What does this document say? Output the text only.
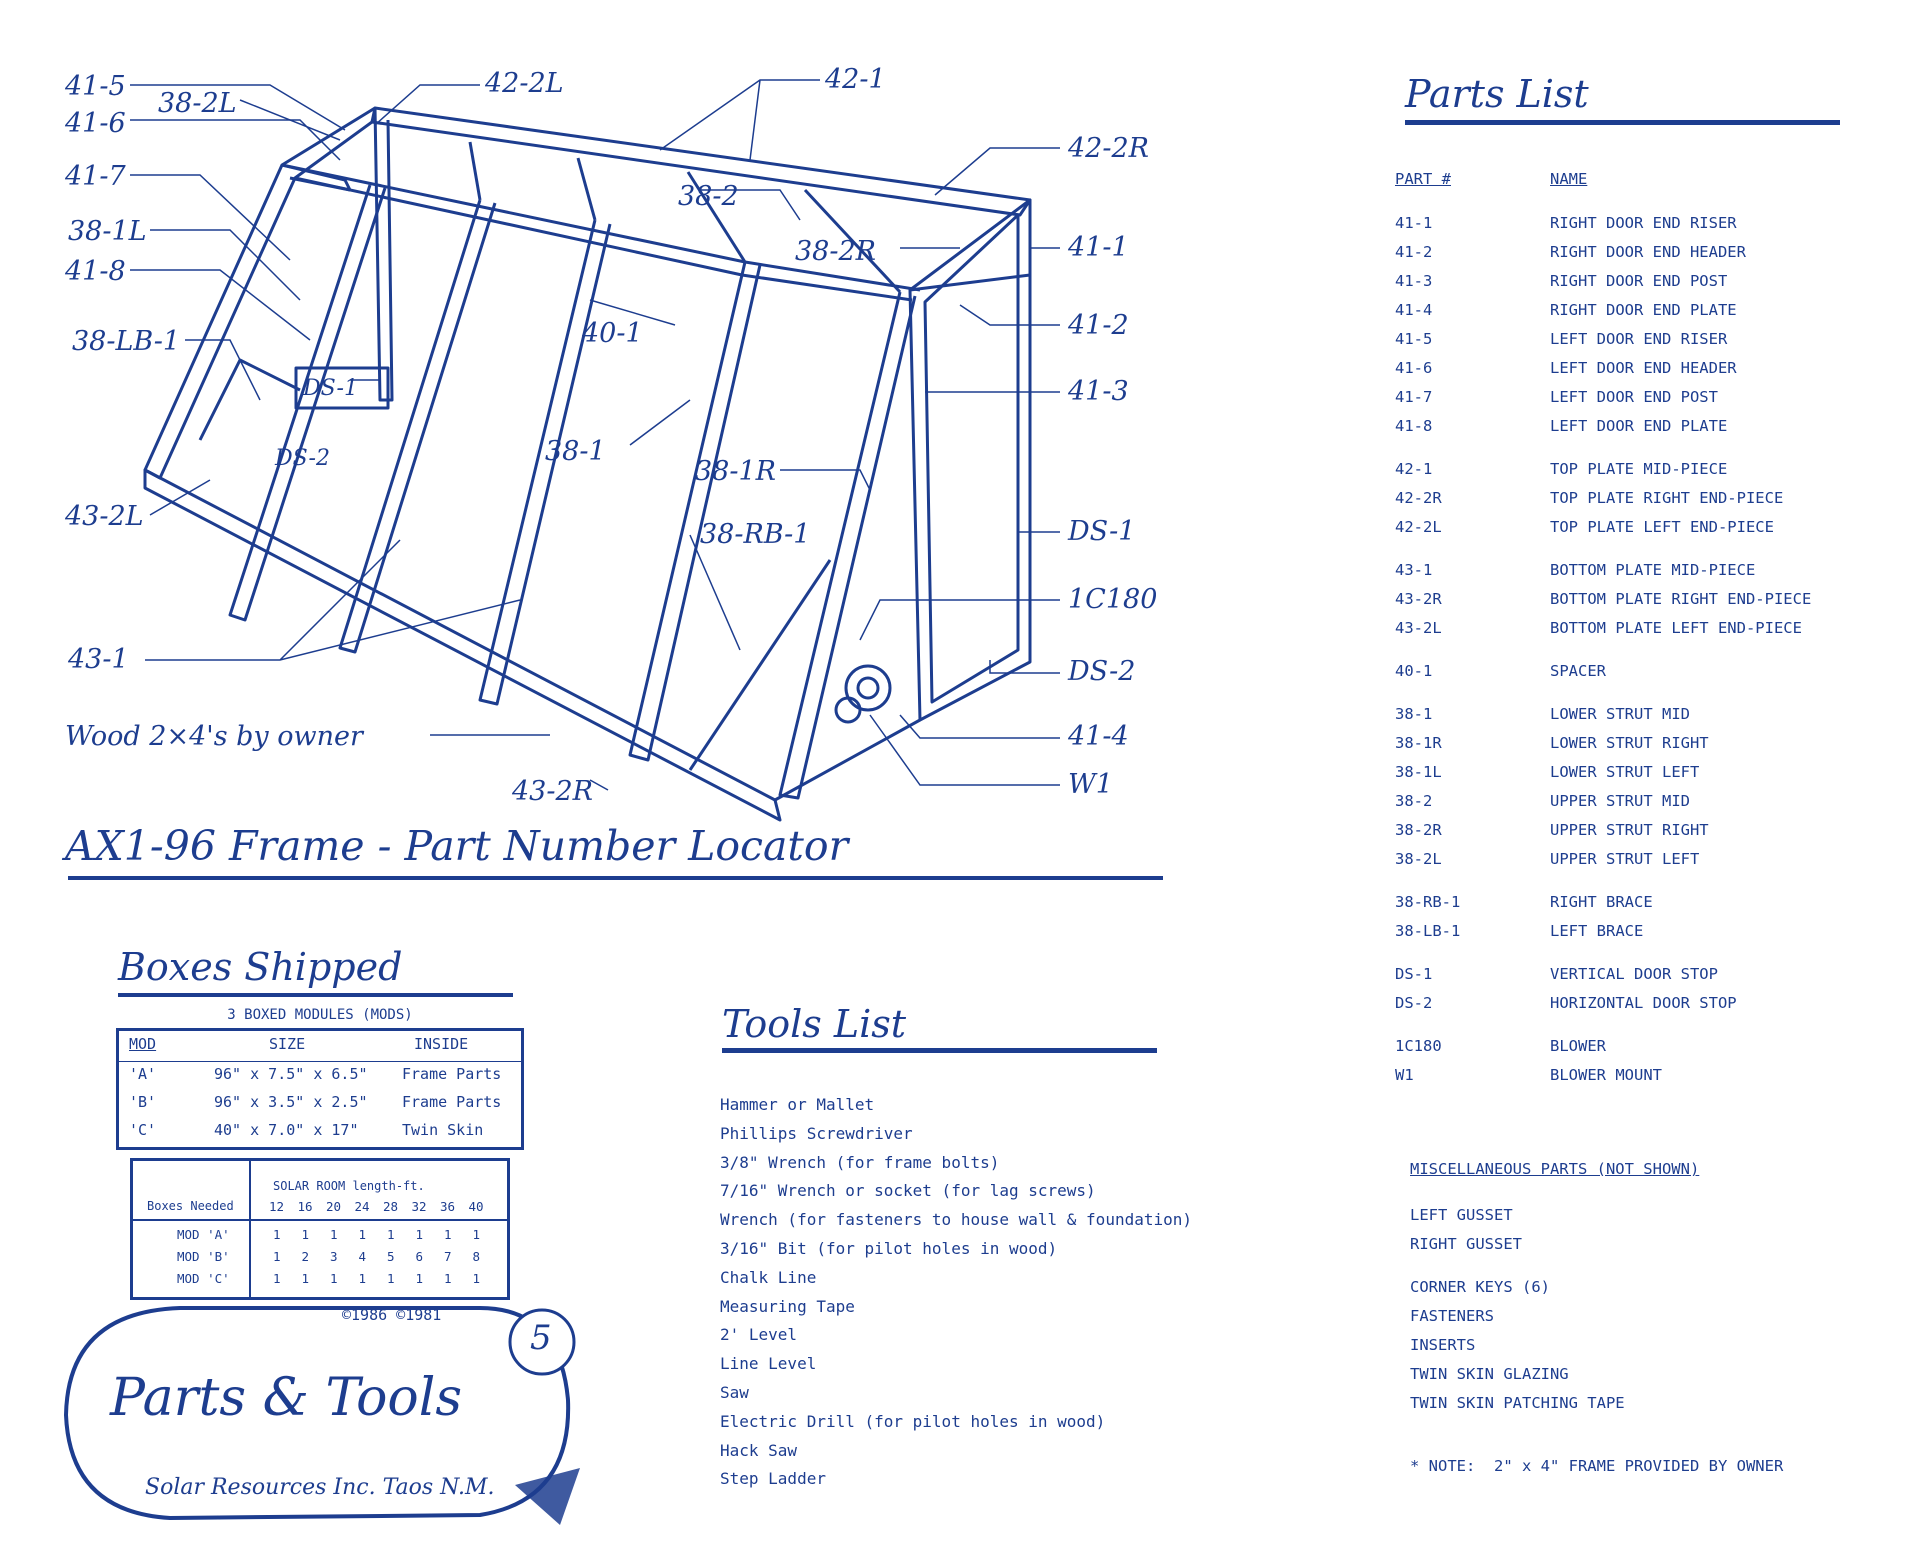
41-5
38-2L
41-6
41-7
38-1L
41-8
38-LB-1
42-2L	42-1
42-2R
38-2
38-2R	41-1
41-2
41-3
40-1
DS-1
DS-2	38-1
38-1R
38-RB-1
43-2L	DS-1
1C180
DS-2
43-1
41-4
W1
43-2R
Wood 2×4's by owner
AX1-96 Frame - Part Number Locator
Parts List
PART #	NAME
41-1	RIGHT DOOR END RISER
41-2	RIGHT DOOR END HEADER
41-3	RIGHT DOOR END POST
41-4	RIGHT DOOR END PLATE
41-5	LEFT DOOR END RISER
41-6	LEFT DOOR END HEADER
41-7	LEFT DOOR END POST
41-8	LEFT DOOR END PLATE
42-1	TOP PLATE MID-PIECE
42-2R	TOP PLATE RIGHT END-PIECE
42-2L	TOP PLATE LEFT END-PIECE
43-1	BOTTOM PLATE MID-PIECE
43-2R	BOTTOM PLATE RIGHT END-PIECE
43-2L	BOTTOM PLATE LEFT END-PIECE
40-1	SPACER
38-1	LOWER STRUT MID
38-1R	LOWER STRUT RIGHT
38-1L	LOWER STRUT LEFT
38-2	UPPER STRUT MID
38-2R	UPPER STRUT RIGHT
38-2L	UPPER STRUT LEFT
38-RB-1	RIGHT BRACE
38-LB-1	LEFT BRACE
DS-1	VERTICAL DOOR STOP
DS-2	HORIZONTAL DOOR STOP
1C180	BLOWER
W1	BLOWER MOUNT
MISCELLANEOUS PARTS (NOT SHOWN)
LEFT GUSSET
RIGHT GUSSET
CORNER KEYS (6)
FASTENERS
INSERTS
TWIN SKIN GLAZING
TWIN SKIN PATCHING TAPE
* NOTE:  2" x 4" FRAME PROVIDED BY OWNER
Tools List
Hammer or Mallet
Phillips Screwdriver
3/8" Wrench (for frame bolts)
7/16" Wrench or socket (for lag screws)
Wrench (for fasteners to house wall & foundation)
3/16" Bit (for pilot holes in wood)
Chalk Line
Measuring Tape
2' Level
Line Level
Saw
Electric Drill (for pilot holes in wood)
Hack Saw
Step Ladder
Boxes Shipped
3 BOXED MODULES (MODS)
MOD	SIZE	INSIDE
'A'	96" x 7.5" x 6.5" Frame Parts
'B'	96" x 3.5" x 2.5" Frame Parts
'C'	40" x 7.0" x 17"	Twin Skin
Boxes Needed
SOLAR ROOM length-ft.
12 16 20 24 28 32 36 40
MOD 'A'	1 1 1 1 1 1 1 1
MOD 'B'	1 2 3 4 5 6 7 8
MOD 'C'	1 1 1 1 1 1 1 1
©1986 ©1981
5
Parts & Tools
Solar Resources Inc. Taos N.M.
